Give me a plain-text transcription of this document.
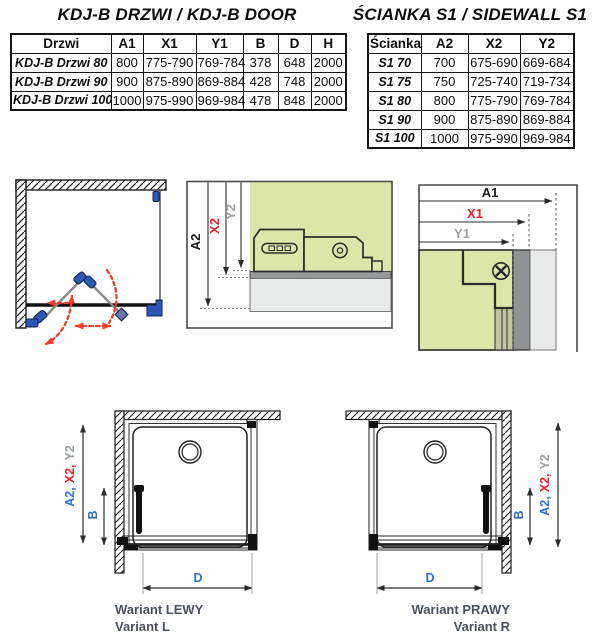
KDJ-B DRZWI / KDJ-B DOOR	ŚCIANKA S1 / SIDEWALL S1
Drzwi	A1	X1	Y1	B	D	H
KDJ-B Drzwi 80	800	775-790	769-784	378	648	2000
KDJ-B Drzwi 90	900	875-890	869-884	428	748	2000
KDJ-B Drzwi 100	1000	975-990	969-984	478	848	2000
Ścianka	A2	X2	Y2
S1 70	700	675-690	669-684
S1 75	750	725-740	719-734
S1 80	800	775-790	769-784
S1 90	900	875-890	869-884
S1 100	1000	975-990	969-984
A2
X2
Y2
A1
X1
Y1
A2,X2,Y2
B
D
A2,X2,Y2
B
D
Wariant LEWY
Variant L
Wariant PRAWY
Variant R
